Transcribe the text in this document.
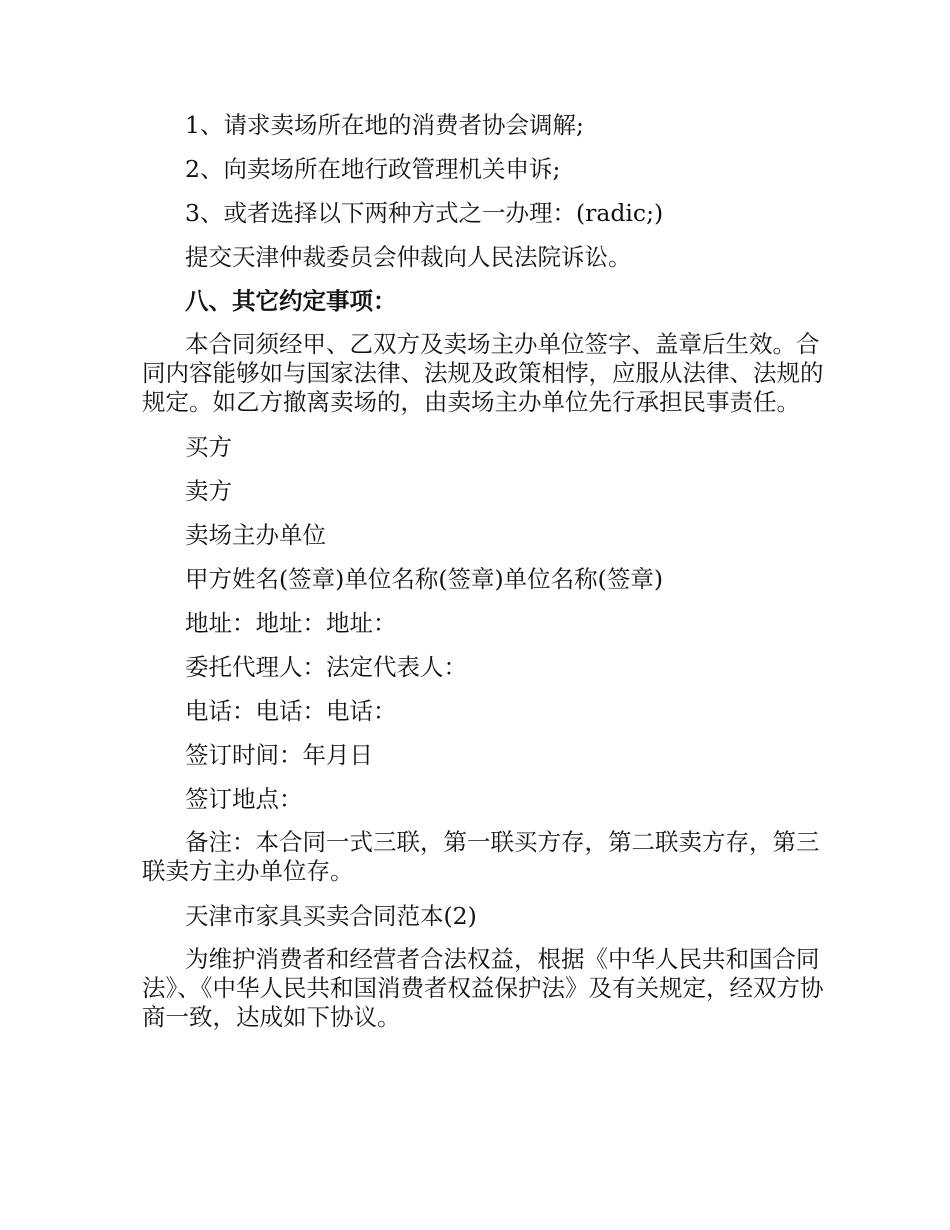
1、请求卖场所在地的消费者协会调解;

2、向卖场所在地行政管理机关申诉;

3、或者选择以下两种方式之一办理：(radic;)

提交天津仲裁委员会仲裁向人民法院诉讼。

八、其它约定事项：

本合同须经甲、乙双方及卖场主办单位签字、盖章后生效。合同内容能够如与国家法律、法规及政策相悖，应服从法律、法规的规定。如乙方撤离卖场的，由卖场主办单位先行承担民事责任。

买方

卖方

卖场主办单位

甲方姓名(签章)单位名称(签章)单位名称(签章)

地址：地址：地址：

委托代理人：法定代表人：

电话：电话：电话：

签订时间：年月日

签订地点：

备注：本合同一式三联，第一联买方存，第二联卖方存，第三联卖方主办单位存。

天津市家具买卖合同范本(2)

为维护消费者和经营者合法权益，根据《中华人民共和国合同法》、《中华人民共和国消费者权益保护法》及有关规定，经双方协商一致，达成如下协议。
